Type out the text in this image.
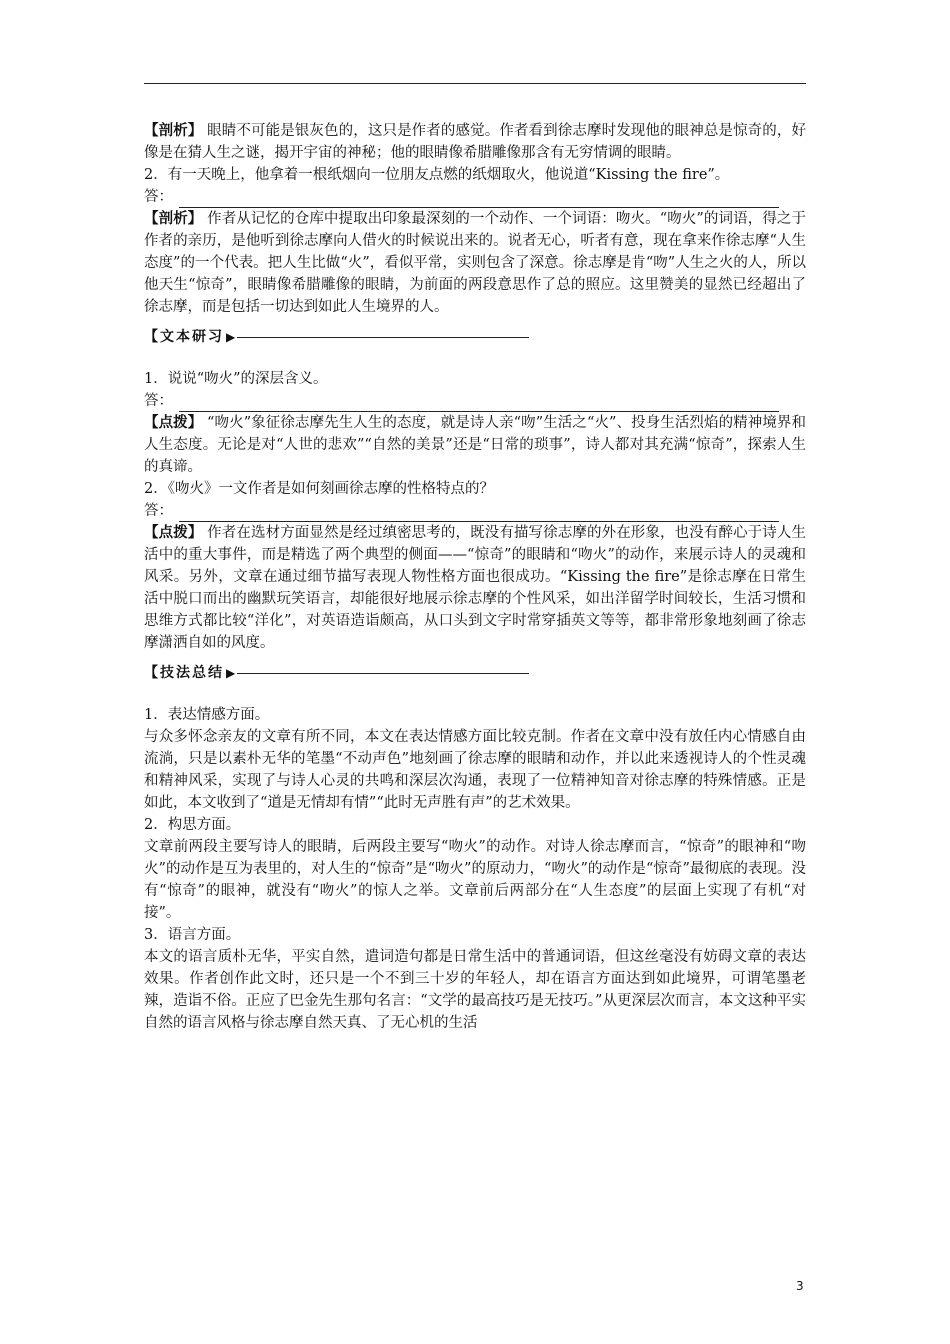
【剖析】 眼睛不可能是银灰色的，这只是作者的感觉。作者看到徐志摩时发现他的眼神总是惊奇的，好像是在猜人生之谜，揭开宇宙的神秘；他的眼睛像希腊雕像那含有无穷情调的眼睛。

2．有一天晚上，他拿着一根纸烟向一位朋友点燃的纸烟取火，他说道“Kissing the fire”。

答：

【剖析】 作者从记忆的仓库中提取出印象最深刻的一个动作、一个词语：吻火。“吻火”的词语，得之于作者的亲历，是他听到徐志摩向人借火的时候说出来的。说者无心，听者有意，现在拿来作徐志摩“人生态度”的一个代表。把人生比做“火”，看似平常，实则包含了深意。徐志摩是肯“吻”人生之火的人，所以他天生“惊奇”，眼睛像希腊雕像的眼睛，为前面的两段意思作了总的照应。这里赞美的显然已经超出了徐志摩，而是包括一切达到如此人生境界的人。

【文本研习 ▶

1．说说“吻火”的深层含义。

答：

【点拨】 “吻火”象征徐志摩先生人生的态度，就是诗人亲“吻”生活之“火”、投身生活烈焰的精神境界和人生态度。无论是对“人世的悲欢”“自然的美景”还是“日常的琐事”，诗人都对其充满“惊奇”，探索人生的真谛。

2．《吻火》一文作者是如何刻画徐志摩的性格特点的？

答：

【点拨】 作者在选材方面显然是经过缜密思考的，既没有描写徐志摩的外在形象，也没有醉心于诗人生活中的重大事件，而是精选了两个典型的侧面——“惊奇”的眼睛和“吻火”的动作，来展示诗人的灵魂和风采。另外，文章在通过细节描写表现人物性格方面也很成功。“Kissing the fire”是徐志摩在日常生活中脱口而出的幽默玩笑语言，却能很好地展示徐志摩的个性风采，如出洋留学时间较长，生活习惯和思维方式都比较“洋化”，对英语造诣颇高，从口头到文字时常穿插英文等等，都非常形象地刻画了徐志摩潇洒自如的风度。

【技法总结 ▶

1．表达情感方面。

与众多怀念亲友的文章有所不同，本文在表达情感方面比较克制。作者在文章中没有放任内心情感自由流淌，只是以素朴无华的笔墨“不动声色”地刻画了徐志摩的眼睛和动作，并以此来透视诗人的个性灵魂和精神风采，实现了与诗人心灵的共鸣和深层次沟通，表现了一位精神知音对徐志摩的特殊情感。正是如此，本文收到了“道是无情却有情”“此时无声胜有声”的艺术效果。

2．构思方面。

文章前两段主要写诗人的眼睛，后两段主要写“吻火”的动作。对诗人徐志摩而言，“惊奇”的眼神和“吻火”的动作是互为表里的，对人生的“惊奇”是“吻火”的原动力，“吻火”的动作是“惊奇”最彻底的表现。没有“惊奇”的眼神，就没有“吻火”的惊人之举。文章前后两部分在“人生态度”的层面上实现了有机“对接”。

3．语言方面。

本文的语言质朴无华，平实自然，遣词造句都是日常生活中的普通词语，但这丝毫没有妨碍文章的表达效果。作者创作此文时，还只是一个不到三十岁的年轻人，却在语言方面达到如此境界，可谓笔墨老辣，造诣不俗。正应了巴金先生那句名言：“文学的最高技巧是无技巧。”从更深层次而言，本文这种平实自然的语言风格与徐志摩自然天真、了无心机的生活

3
